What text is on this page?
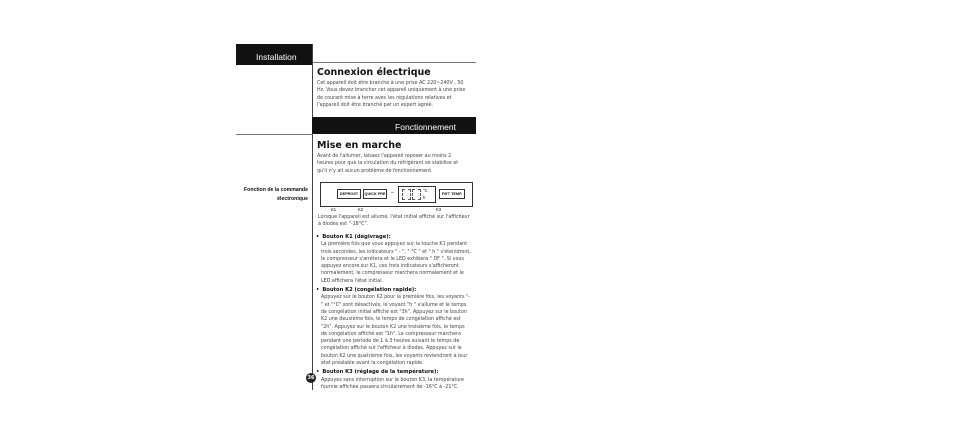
Installation
Connexion électrique

Cet appareil doit être branché à une prise AC 220~240V , 50 Hz. Vous devez brancher cet appareil uniquement à une prise de courant mise à terre avec les régulations relatives et l'appareil doit être branché par un expert agréé.

Fonctionnement
Mise en marche

Avant de l'allumer, laissez l'appareil reposer au moins 2 heures pour que la circulation du réfrigérant se stabilise et qu'il n'y ait aucun problème de fonctionnement.

Fonction de la commande électronique
DEFROST	QUICK FRE	–	°C
h
F/ET TEMP.
K1	K2	K3

Lorsque l'appareil est allumé, l'état initial affiché sur l'afficheur à diodes est "-18°C".

• Bouton K1 (dégivrage):
La première fois que vous appuyez sur la touche K1 pendant trois secondes, les indicateurs " - ", " °C " et " h " s'éteindront, le compresseur s'arrêtera et le LED exhibera " DF ". Si vous appuyez encore sur K1, ces trois indicateurs s'afficheront normalement, le compresseur marchera normalement et le LED affichera l'état initial.
• Bouton K2 (congélation rapide):
Appuyez sur le bouton K2 pour la première fois, les voyants "-" et "°C" sont désactivés, le voyant "h " s'allume et le temps de congélation initial affiché est "3h". Appuyez sur le bouton K2 une deuxième fois, le temps de congélation affiché est "2h". Appuyez sur le bouton K2 une troisième fois, le temps de congélation affiché est "1h". Le compresseur marchera pendant une période de 1 à 3 heures suivant le temps de congélation affiché sur l'afficheur à diodes. Appuyez sur le bouton K2 une quatrième fois, les voyants reviendront à leur état préalable avant la congélation rapide.
• Bouton K3 (réglage de la température):
Appuyez sans interruption sur le bouton K3, la température fournie affichée passera circulairement de -16°C à -21°C.
36
